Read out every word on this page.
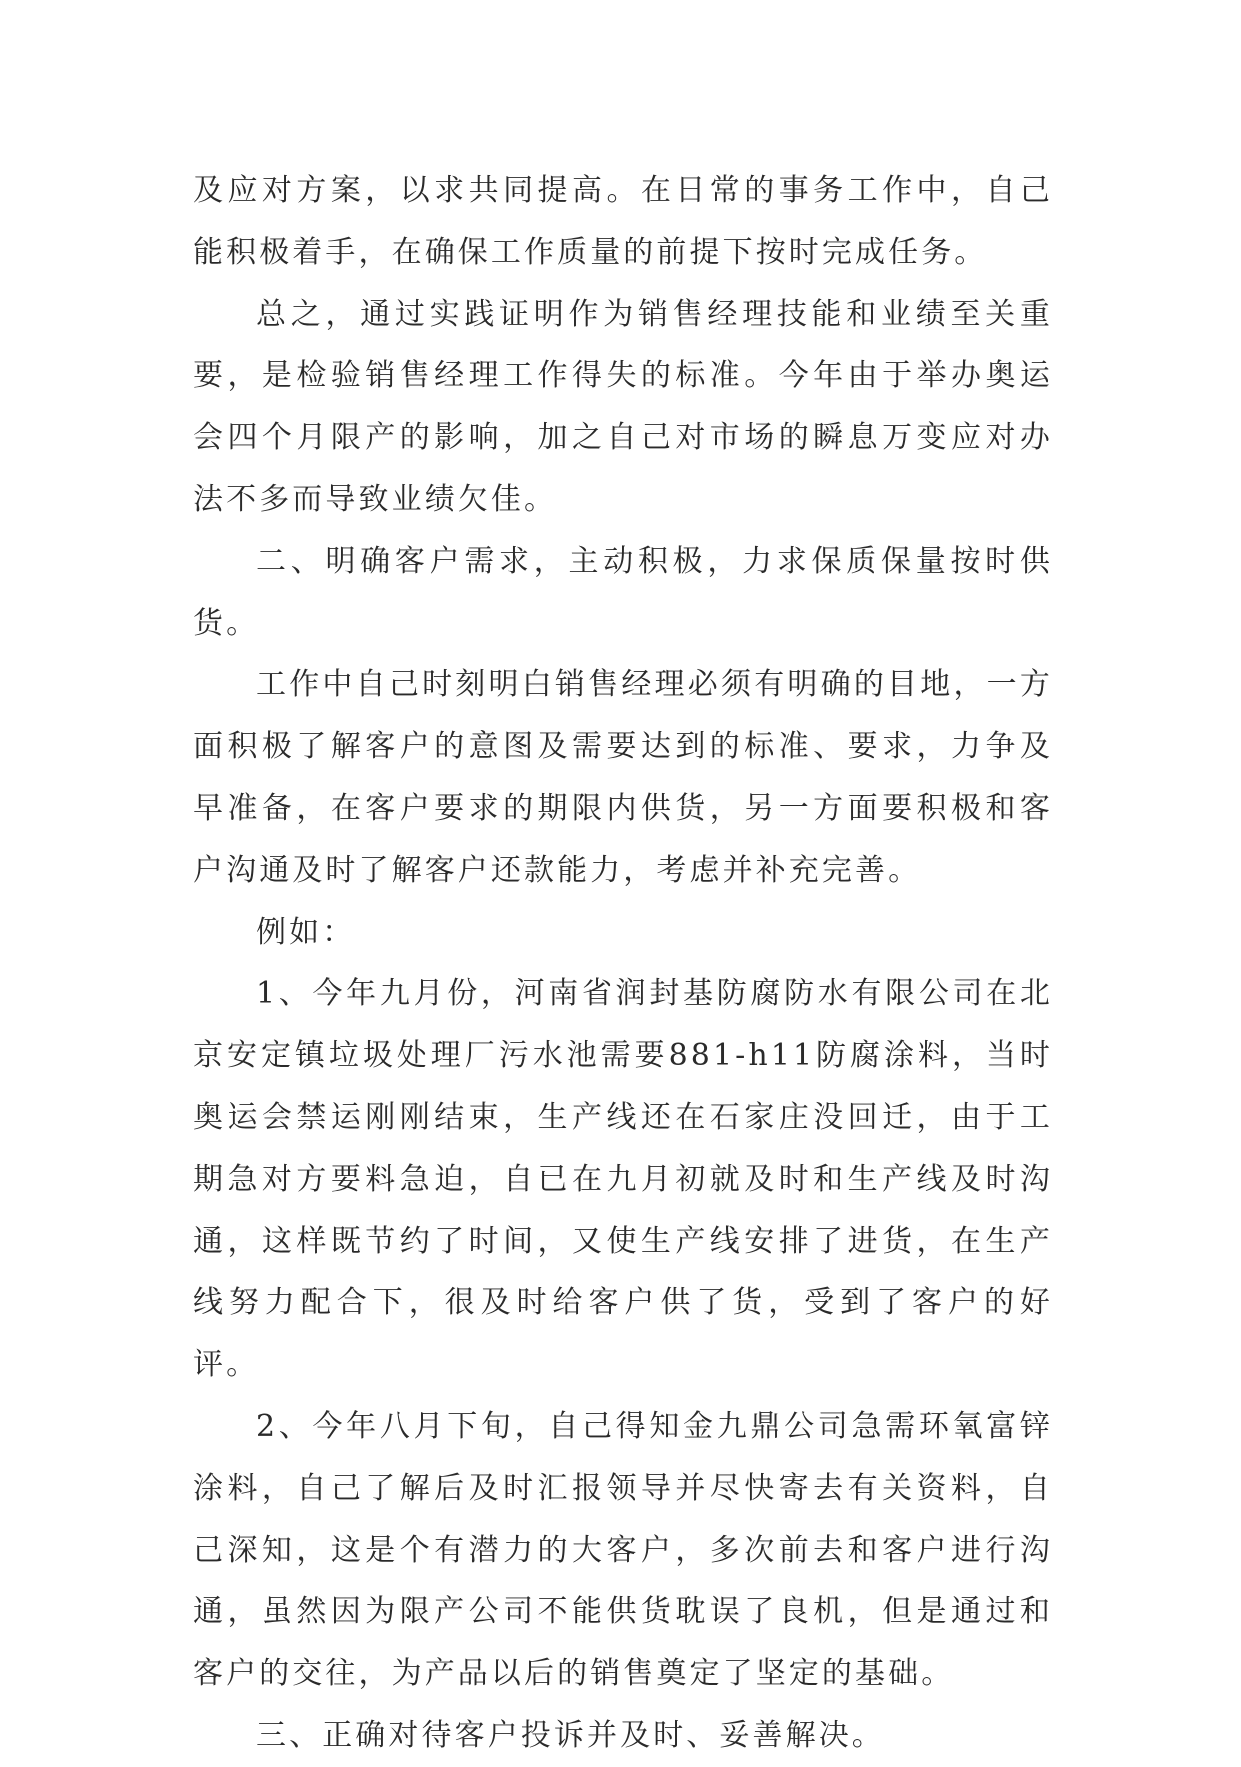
及应对方案，以求共同提高。在日常的事务工作中，自己能积极着手，在确保工作质量的前提下按时完成任务。

总之，通过实践证明作为销售经理技能和业绩至关重要，是检验销售经理工作得失的标准。今年由于举办奥运会四个月限产的影响，加之自己对市场的瞬息万变应对办法不多而导致业绩欠佳。

二、明确客户需求，主动积极，力求保质保量按时供货。

工作中自己时刻明白销售经理必须有明确的目地，一方面积极了解客户的意图及需要达到的标准、要求，力争及早准备，在客户要求的期限内供货，另一方面要积极和客户沟通及时了解客户还款能力，考虑并补充完善。

例如：

1、今年九月份，河南省润封基防腐防水有限公司在北京安定镇垃圾处理厂污水池需要881-h11防腐涂料，当时奥运会禁运刚刚结束，生产线还在石家庄没回迁，由于工期急对方要料急迫，自已在九月初就及时和生产线及时沟通，这样既节约了时间，又使生产线安排了进货，在生产线努力配合下，很及时给客户供了货，受到了客户的好评。

2、今年八月下旬，自己得知金九鼎公司急需环氧富锌涂料，自己了解后及时汇报领导并尽快寄去有关资料，自己深知，这是个有潜力的大客户，多次前去和客户进行沟通，虽然因为限产公司不能供货耽误了良机，但是通过和客户的交往，为产品以后的销售奠定了坚定的基础。

三、正确对待客户投诉并及时、妥善解决。
